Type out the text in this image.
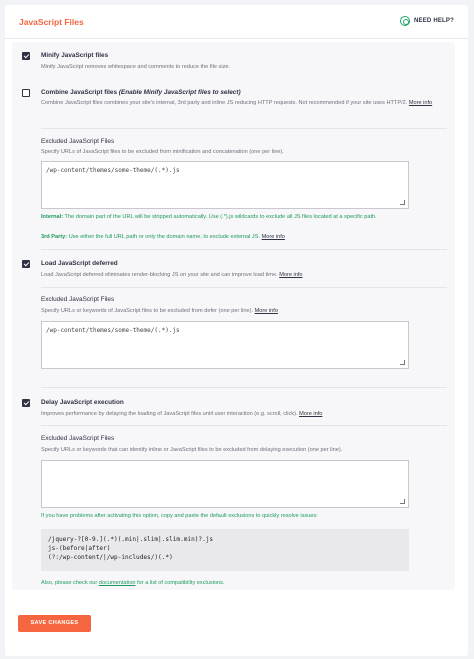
JavaScript Files	NEED HELP?
Minify JavaScript files
Minify JavaScript removes whitespace and comments to reduce the file size.
Combine JavaScript files (Enable Minify JavaScript files to select)
Combine JavaScript files combines your site's internal, 3rd party and inline JS reducing HTTP requests. Not recommended if your site uses HTTP/2. More info
Excluded JavaScript Files
Specify URLs of JavaScript files to be excluded from minification and concatenation (one per line).
/wp-content/themes/some-theme/(.*).js
Internal: The domain part of the URL will be stripped automatically. Use (.*).js wildcards to exclude all JS files located at a specific path.
3rd Party: Use either the full URL path or only the domain name, to exclude external JS. More info
Load JavaScript deferred
Load JavaScript deferred eliminates render-blocking JS on your site and can improve load time. More info
Excluded JavaScript Files
Specify URLs or keywords of JavaScript files to be excluded from defer (one per line). More info
/wp-content/themes/some-theme/(.*).js
Delay JavaScript execution
Improves performance by delaying the loading of JavaScript files until user interaction (e.g. scroll, click). More info
Excluded JavaScript Files
Specify URLs or keywords that can identify inline or JavaScript files to be excluded from delaying execution (one per line).
If you have problems after activating this option, copy and paste the default exclusions to quickly resolve issues:
/jquery-?[0-9.](.*)(.min|.slim|.slim.min)?.js
js-(before|after)
(?:/wp-content/|/wp-includes/)(.*)
Also, please check our documentation for a list of compatibility exclusions.
SAVE CHANGES
